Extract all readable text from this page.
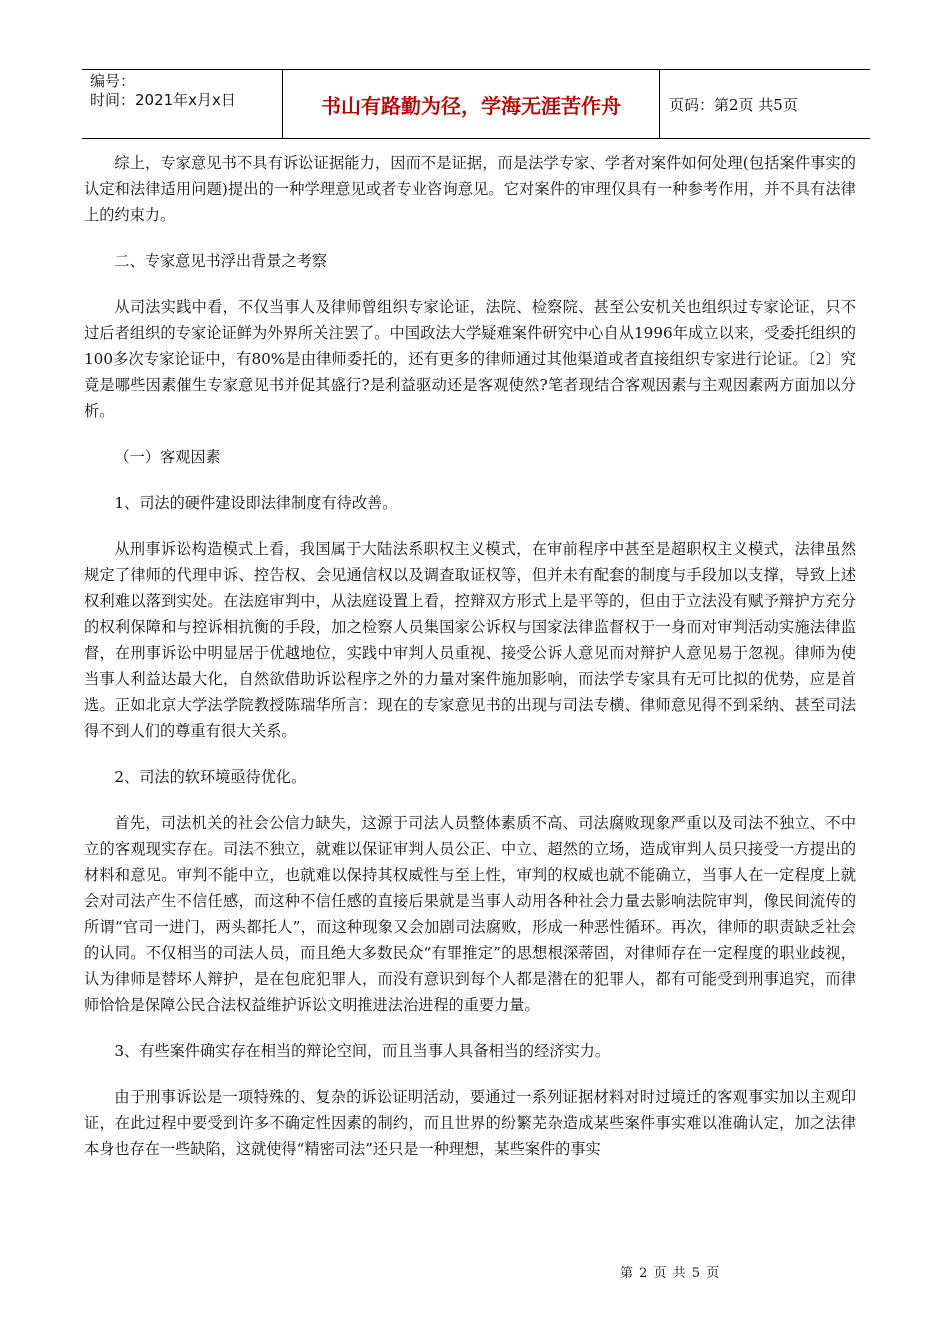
编号：
时间：2021年x月x日	书山有路勤为径，学海无涯苦作舟	页码：第2页 共5页

综上，专家意见书不具有诉讼证据能力，因而不是证据，而是法学专家、学者对案件如何处理(包括案件事实的认定和法律适用问题)提出的一种学理意见或者专业咨询意见。它对案件的审理仅具有一种参考作用，并不具有法律上的约束力。

二、专家意见书浮出背景之考察

从司法实践中看，不仅当事人及律师曾组织专家论证，法院、检察院、甚至公安机关也组织过专家论证，只不过后者组织的专家论证鲜为外界所关注罢了。中国政法大学疑难案件研究中心自从1996年成立以来，受委托组织的100多次专家论证中，有80%是由律师委托的，还有更多的律师通过其他渠道或者直接组织专家进行论证。〔2〕究竟是哪些因素催生专家意见书并促其盛行?是利益驱动还是客观使然?笔者现结合客观因素与主观因素两方面加以分析。

（一）客观因素

1、司法的硬件建设即法律制度有待改善。

从刑事诉讼构造模式上看，我国属于大陆法系职权主义模式，在审前程序中甚至是超职权主义模式，法律虽然规定了律师的代理申诉、控告权、会见通信权以及调查取证权等，但并未有配套的制度与手段加以支撑，导致上述权利难以落到实处。在法庭审判中，从法庭设置上看，控辩双方形式上是平等的，但由于立法没有赋予辩护方充分的权利保障和与控诉相抗衡的手段，加之检察人员集国家公诉权与国家法律监督权于一身而对审判活动实施法律监督，在刑事诉讼中明显居于优越地位，实践中审判人员重视、接受公诉人意见而对辩护人意见易于忽视。律师为使当事人利益达最大化，自然欲借助诉讼程序之外的力量对案件施加影响，而法学专家具有无可比拟的优势，应是首选。正如北京大学法学院教授陈瑞华所言：现在的专家意见书的出现与司法专横、律师意见得不到采纳、甚至司法得不到人们的尊重有很大关系。

2、司法的软环境亟待优化。

首先，司法机关的社会公信力缺失，这源于司法人员整体素质不高、司法腐败现象严重以及司法不独立、不中立的客观现实存在。司法不独立，就难以保证审判人员公正、中立、超然的立场，造成审判人员只接受一方提出的材料和意见。审判不能中立，也就难以保持其权威性与至上性，审判的权威也就不能确立，当事人在一定程度上就会对司法产生不信任感，而这种不信任感的直接后果就是当事人动用各种社会力量去影响法院审判，像民间流传的所谓“官司一进门，两头都托人”，而这种现象又会加剧司法腐败，形成一种恶性循环。再次，律师的职责缺乏社会的认同。不仅相当的司法人员，而且绝大多数民众“有罪推定”的思想根深蒂固，对律师存在一定程度的职业歧视，认为律师是替坏人辩护，是在包庇犯罪人，而没有意识到每个人都是潜在的犯罪人，都有可能受到刑事追究，而律师恰恰是保障公民合法权益维护诉讼文明推进法治进程的重要力量。

3、有些案件确实存在相当的辩论空间，而且当事人具备相当的经济实力。

由于刑事诉讼是一项特殊的、复杂的诉讼证明活动，要通过一系列证据材料对时过境迁的客观事实加以主观印证，在此过程中要受到许多不确定性因素的制约，而且世界的纷繁芜杂造成某些案件事实难以准确认定，加之法律本身也存在一些缺陷，这就使得“精密司法”还只是一种理想，某些案件的事实

第 2 页 共 5 页
